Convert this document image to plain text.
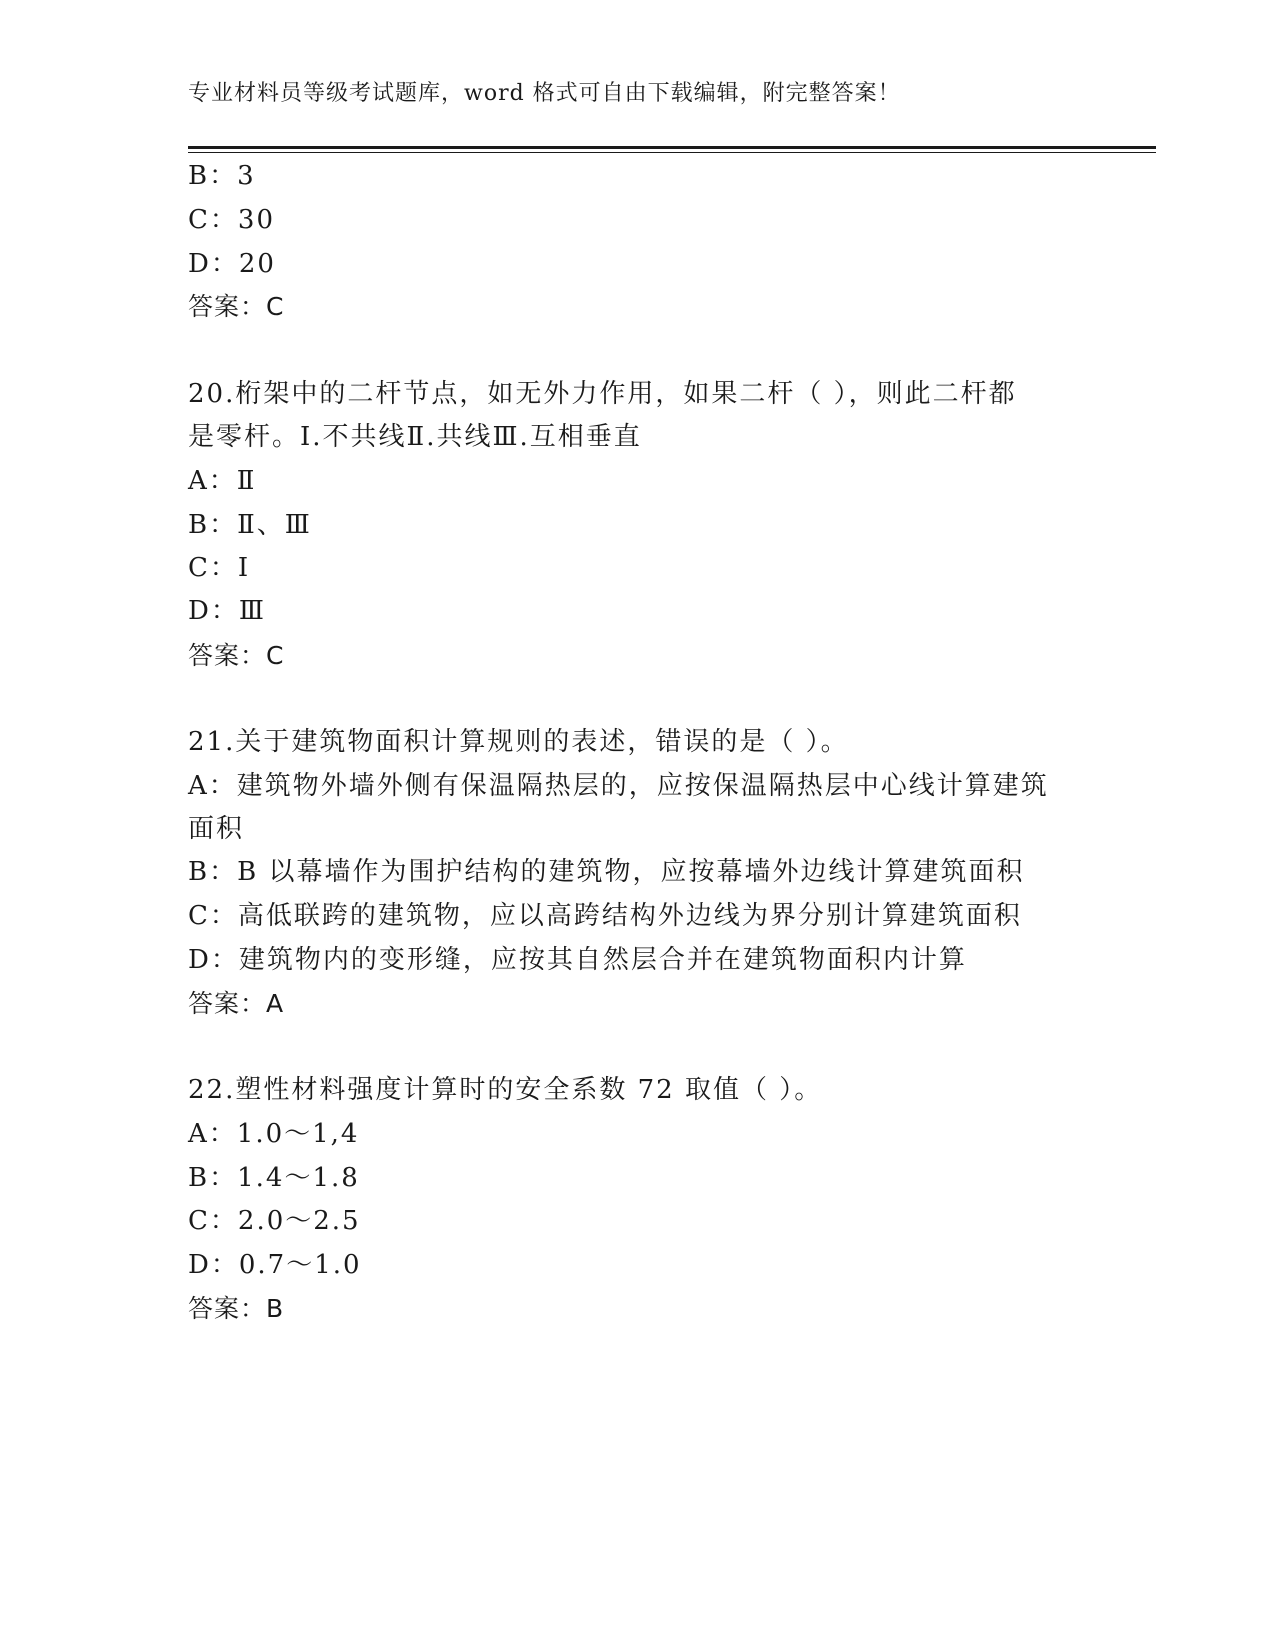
专业材料员等级考试题库，word 格式可自由下载编辑，附完整答案！
B：3
C：30
D：20
答案：C
20.桁架中的二杆节点，如无外力作用，如果二杆（ ），则此二杆都
是零杆。I.不共线Ⅱ.共线Ⅲ.互相垂直
A：Ⅱ
B：Ⅱ、Ⅲ
C：I
D：Ⅲ
答案：C
21.关于建筑物面积计算规则的表述，错误的是（ ）。
A：建筑物外墙外侧有保温隔热层的，应按保温隔热层中心线计算建筑
面积
B：B 以幕墙作为围护结构的建筑物，应按幕墙外边线计算建筑面积
C：高低联跨的建筑物，应以高跨结构外边线为界分别计算建筑面积
D：建筑物内的变形缝，应按其自然层合并在建筑物面积内计算
答案：A
22.塑性材料强度计算时的安全系数 72 取值（ ）。
A：1.0～1,4
B：1.4～1.8
C：2.0～2.5
D：0.7～1.0
答案：B
